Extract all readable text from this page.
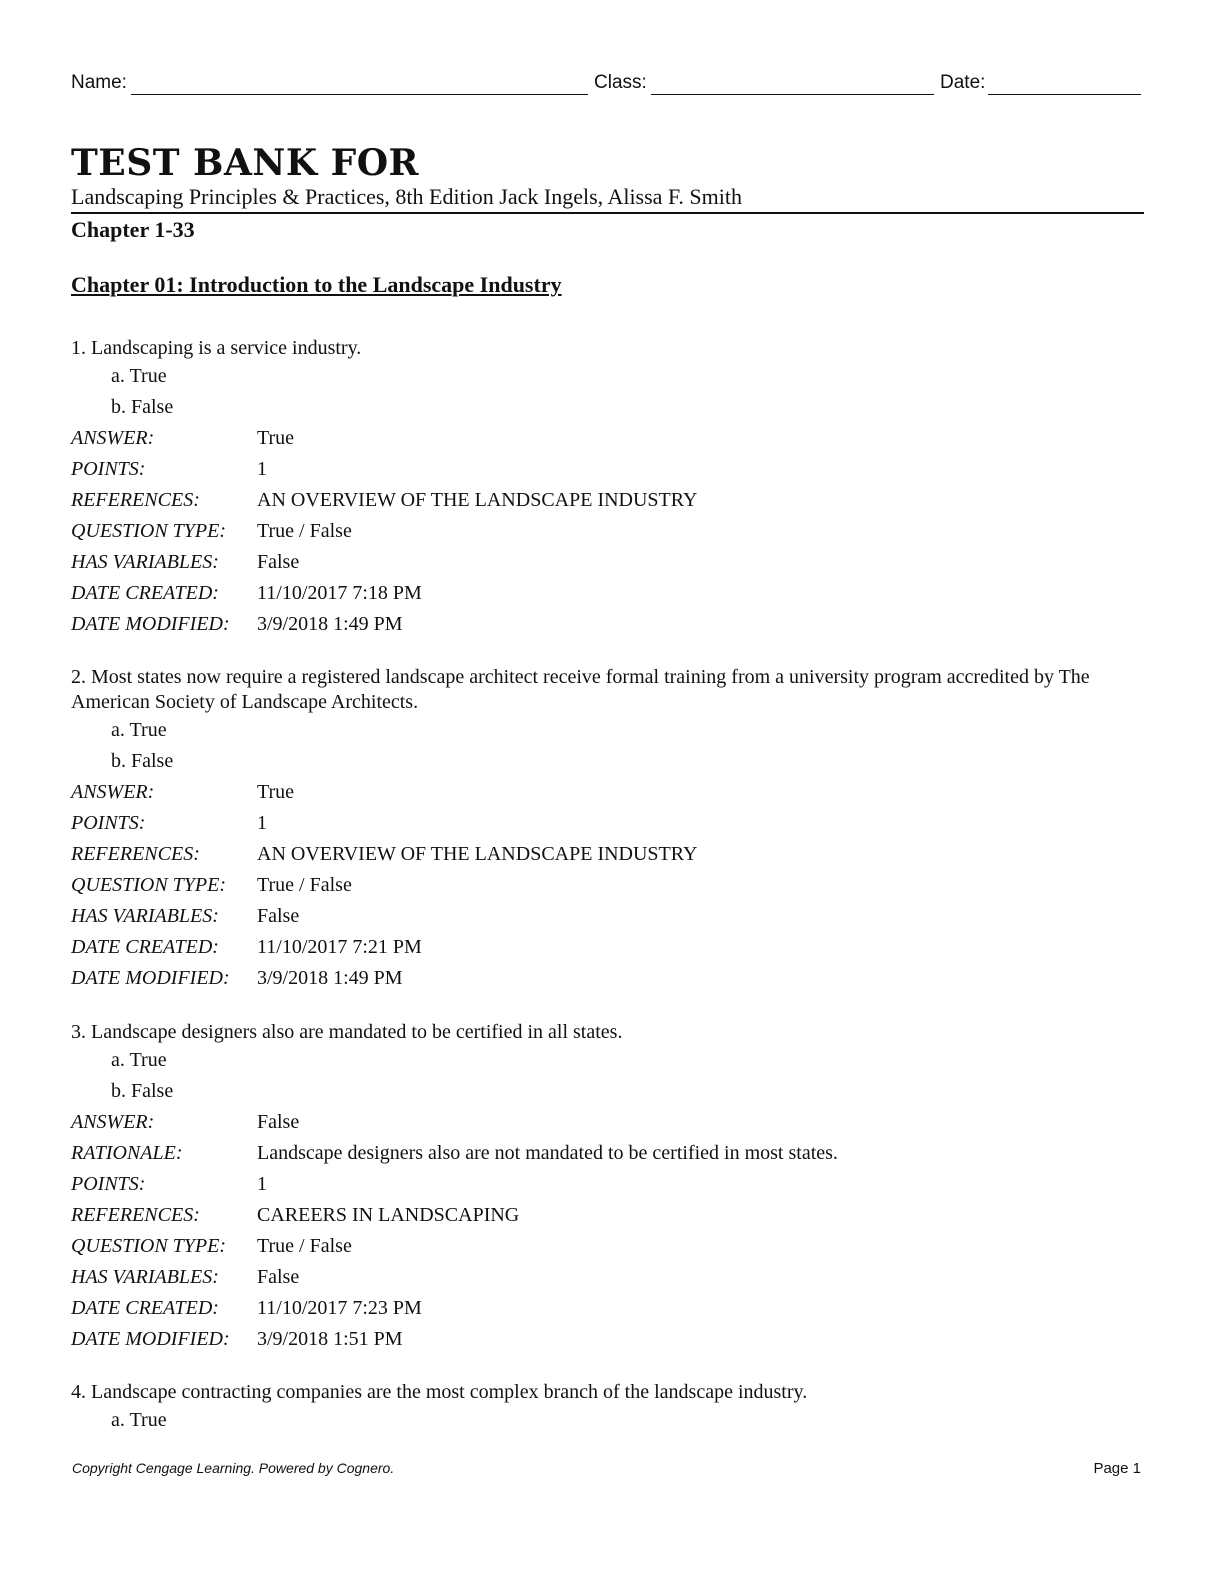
Name:	Class:	Date:
TEST BANK FOR
Landscaping Principles & Practices, 8th Edition Jack Ingels, Alissa F. Smith
Chapter 1-33
Chapter 01: Introduction to the Landscape Industry
1. Landscaping is a service industry.
a. True
b. False
ANSWER:	True
POINTS:	1
REFERENCES:	AN OVERVIEW OF THE LANDSCAPE INDUSTRY
QUESTION TYPE:	True / False
HAS VARIABLES:	False
DATE CREATED:	11/10/2017 7:18 PM
DATE MODIFIED:	3/9/2018 1:49 PM
2. Most states now require a registered landscape architect receive formal training from a university program accredited by The American Society of Landscape Architects.
a. True
b. False
ANSWER:	True
POINTS:	1
REFERENCES:	AN OVERVIEW OF THE LANDSCAPE INDUSTRY
QUESTION TYPE:	True / False
HAS VARIABLES:	False
DATE CREATED:	11/10/2017 7:21 PM
DATE MODIFIED:	3/9/2018 1:49 PM
3. Landscape designers also are mandated to be certified in all states.
a. True
b. False
ANSWER:	False
RATIONALE:	Landscape designers also are not mandated to be certified in most states.
POINTS:	1
REFERENCES:	CAREERS IN LANDSCAPING
QUESTION TYPE:	True / False
HAS VARIABLES:	False
DATE CREATED:	11/10/2017 7:23 PM
DATE MODIFIED:	3/9/2018 1:51 PM
4. Landscape contracting companies are the most complex branch of the landscape industry.
a. True
Copyright Cengage Learning. Powered by Cognero.	Page 1
